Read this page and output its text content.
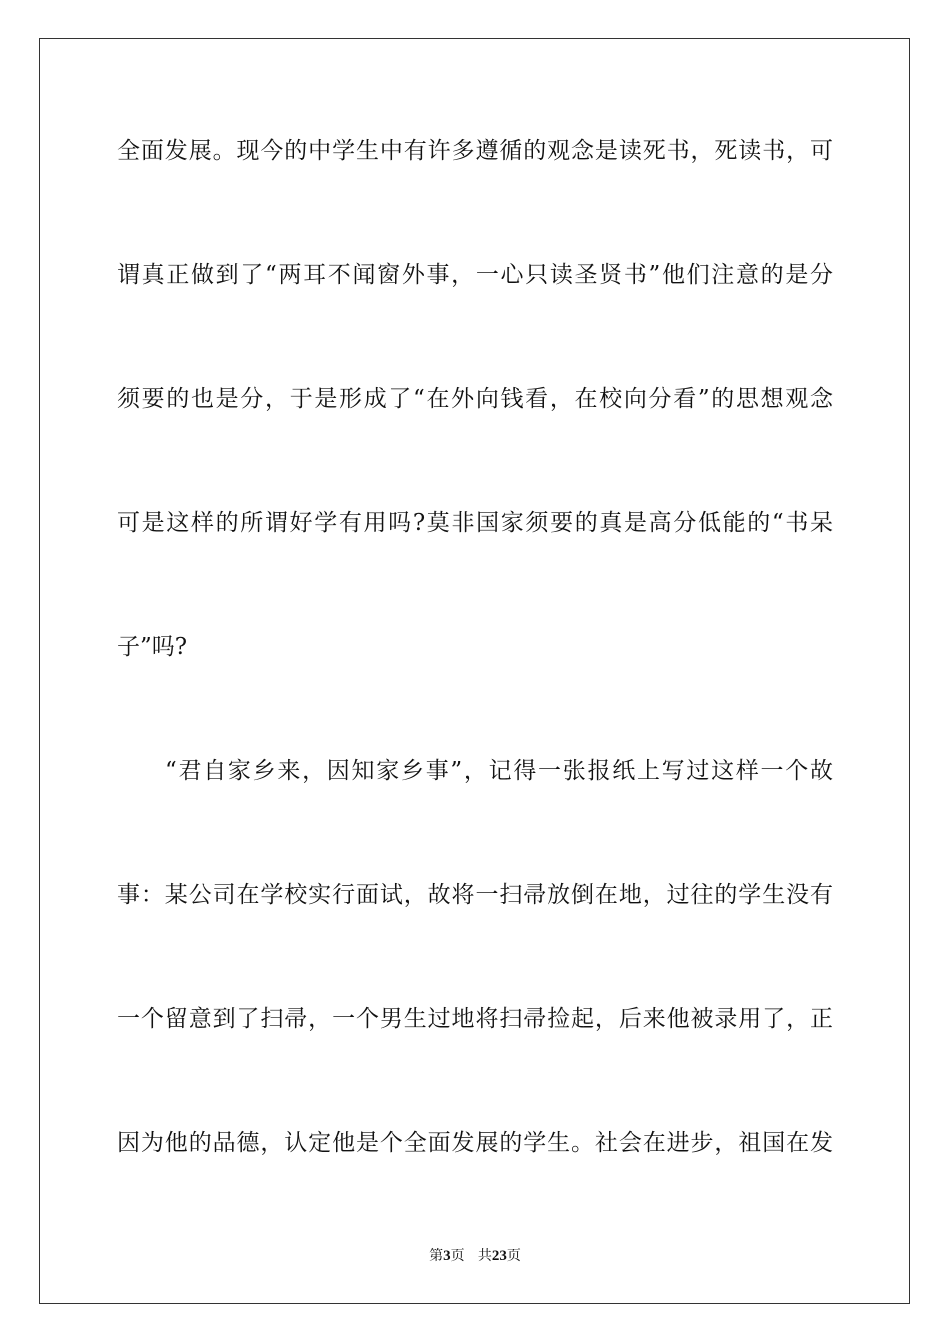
全面发展。现今的中学生中有许多遵循的观念是读死书，死读书，可
谓真正做到了“两耳不闻窗外事，一心只读圣贤书”他们注意的是分
须要的也是分，于是形成了“在外向钱看，在校向分看”的思想观念
可是这样的所谓好学有用吗?莫非国家须要的真是高分低能的“书呆
子”吗?
“君自家乡来，因知家乡事”，记得一张报纸上写过这样一个故
事：某公司在学校实行面试，故将一扫帚放倒在地，过往的学生没有
一个留意到了扫帚，一个男生过地将扫帚捡起，后来他被录用了，正
因为他的品德，认定他是个全面发展的学生。社会在进步，祖国在发
第3页 共23页
